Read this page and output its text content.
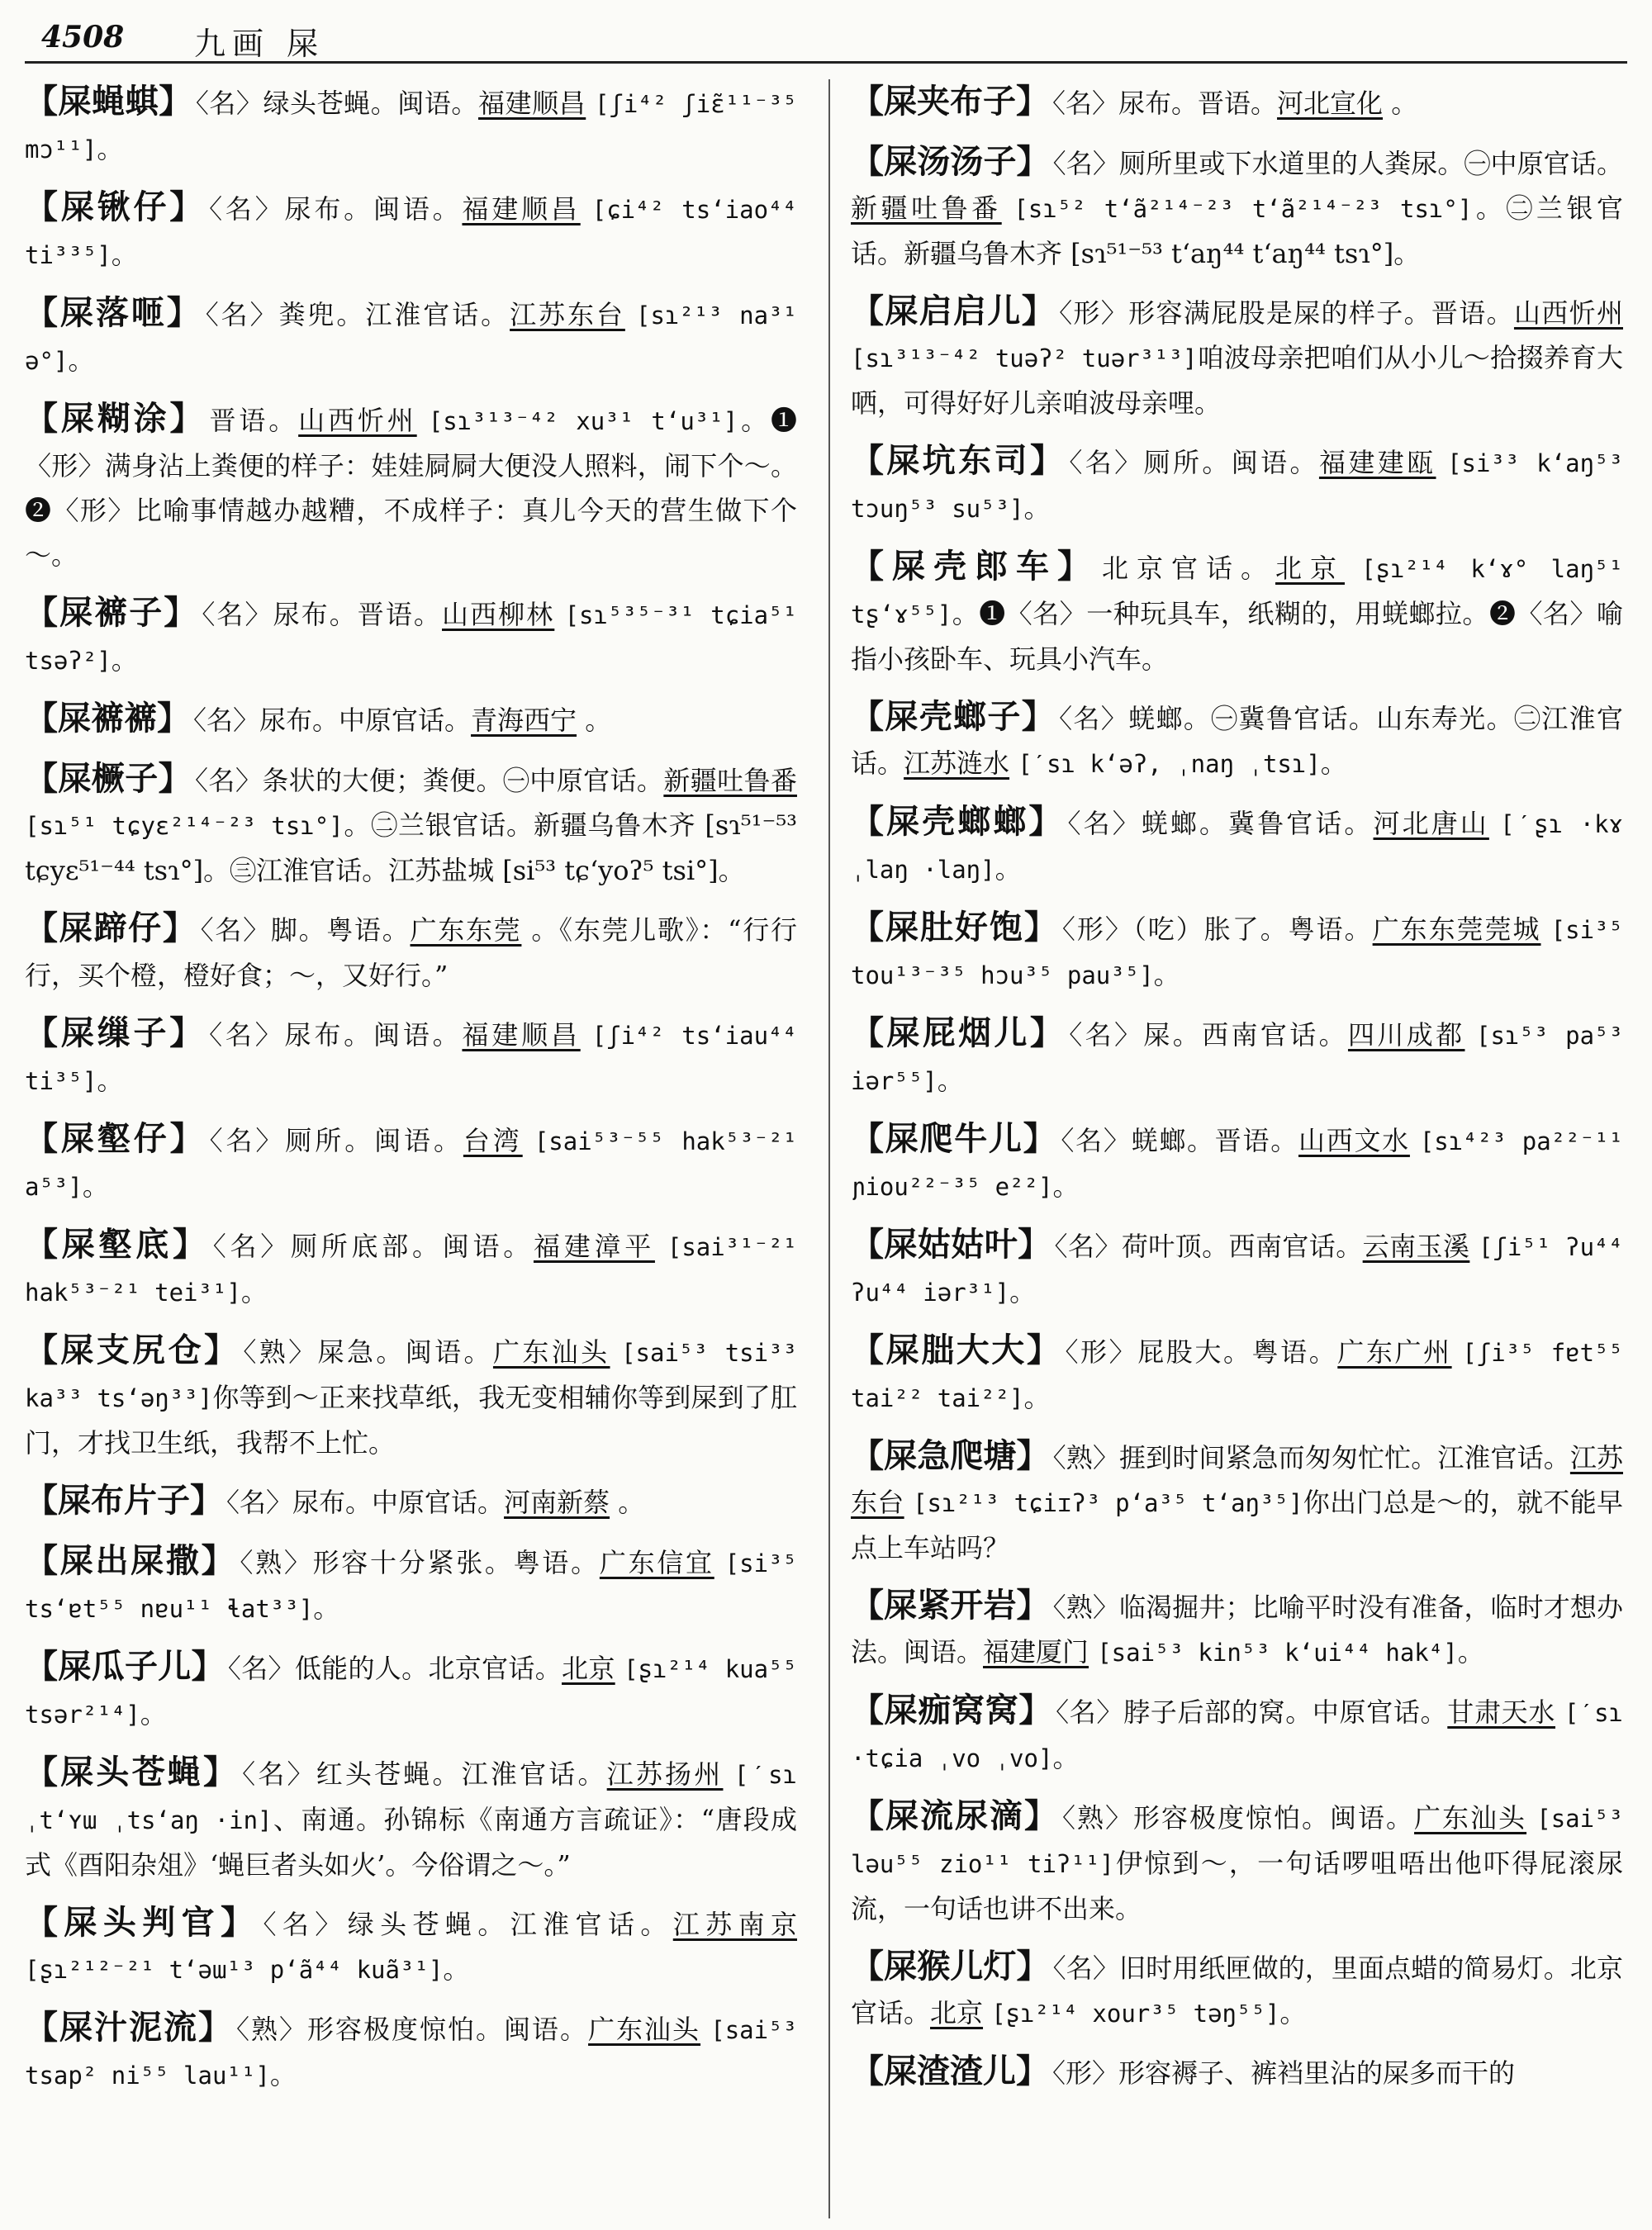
4508 九画 屎

【屎蝇蜞】 〈名〉绿头苍蝇。闽语。福建顺昌 [ʃi⁴² ʃiɛ̃¹¹⁻³⁵ mɔ¹¹]。

【屎锹仔】 〈名〉尿布。闽语。福建顺昌 [ɕi⁴² tsʻiao⁴⁴ ti³³⁵]。

【屎落咂】 〈名〉粪兜。江淮官话。江苏东台 [sɿ²¹³ na³¹ ə°]。

【屎糊涂】 晋语。山西忻州 [sɿ³¹³⁻⁴² xu³¹ tʻu³¹]。❶〈形〉满身沾上粪便的样子：娃娃屙屙大便没人照料，闹下个～。❷〈形〉比喻事情越办越糟，不成样子：真儿今天的营生做下个～。

【屎褯子】 〈名〉尿布。晋语。山西柳林 [sɿ⁵³⁵⁻³¹ tɕia⁵¹ tsəʔ²]。

【屎褯褯】 〈名〉尿布。中原官话。青海西宁 。

【屎橛子】 〈名〉条状的大便；粪便。㊀中原官话。新疆吐鲁番 [sɿ⁵¹ tɕyɛ²¹⁴⁻²³ tsɿ°]。㊁兰银官话。新疆乌鲁木齐 [sɿ⁵¹⁻⁵³ tɕyɛ⁵¹⁻⁴⁴ tsɿ°]。㊂江淮官话。江苏盐城 [si⁵³ tɕʻyoʔ⁵ tsi°]。

【屎蹄仔】 〈名〉脚。粤语。广东东莞 。《东莞儿歌》：“行行行，买个橙，橙好食；～，又好行。”

【屎缫子】 〈名〉尿布。闽语。福建顺昌 [ʃi⁴² tsʻiau⁴⁴ ti³⁵]。

【屎壑仔】 〈名〉厕所。闽语。台湾 [sai⁵³⁻⁵⁵ hak⁵³⁻²¹ a⁵³]。

【屎壑底】 〈名〉厕所底部。闽语。福建漳平 [sai³¹⁻²¹ hak⁵³⁻²¹ tei³¹]。

【屎支尻仓】 〈熟〉屎急。闽语。广东汕头 [sai⁵³ tsi³³ ka³³ tsʻəŋ³³]你等到～正来找草纸，我无变相辅你等到屎到了肛门，才找卫生纸，我帮不上忙。

【屎布片子】 〈名〉尿布。中原官话。河南新蔡 。

【屎出屎撒】 〈熟〉形容十分紧张。粤语。广东信宜 [si³⁵ tsʻɐt⁵⁵ nɐu¹¹ ɬat³³]。

【屎瓜子儿】 〈名〉低能的人。北京官话。北京 [ʂɿ²¹⁴ kua⁵⁵ tsər²¹⁴]。

【屎头苍蝇】 〈名〉红头苍蝇。江淮官话。江苏扬州 [ˊsɿ ˌtʻʏɯ ˌtsʻaŋ ·in]、南通。孙锦标《南通方言疏证》：“唐段成式《酉阳杂俎》‘蝇巨者头如火’。今俗谓之～。”

【屎头判官】 〈名〉绿头苍蝇。江淮官话。江苏南京 [ʂɿ²¹²⁻²¹ tʻəɯ¹³ pʻã⁴⁴ kuã³¹]。

【屎汁泥流】 〈熟〉形容极度惊怕。闽语。广东汕头 [sai⁵³ tsap² ni⁵⁵ lau¹¹]。

【屎夹布子】 〈名〉尿布。晋语。河北宣化 。

【屎汤汤子】 〈名〉厕所里或下水道里的人粪尿。㊀中原官话。新疆吐鲁番 [sɿ⁵² tʻã²¹⁴⁻²³ tʻã²¹⁴⁻²³ tsɿ°]。㊁兰银官话。新疆乌鲁木齐 [sɿ⁵¹⁻⁵³ tʻaŋ⁴⁴ tʻaŋ⁴⁴ tsɿ°]。

【屎启启儿】 〈形〉形容满屁股是屎的样子。晋语。山西忻州 [sɿ³¹³⁻⁴² tuəʔ² tuər³¹³]咱波母亲把咱们从小儿～拾掇养育大哂，可得好好儿亲咱波母亲哩。

【屎坑东司】 〈名〉厕所。闽语。福建建瓯 [si³³ kʻaŋ⁵³ tɔuŋ⁵³ su⁵³]。

【屎壳郎车】 北京官话。北京 [ʂɿ²¹⁴ kʻɤ° laŋ⁵¹ tʂʻɤ⁵⁵]。❶〈名〉一种玩具车，纸糊的，用蜣螂拉。❷〈名〉喻指小孩卧车、玩具小汽车。

【屎壳螂子】 〈名〉蜣螂。㊀冀鲁官话。山东寿光。㊁江淮官话。江苏涟水 [ˊsɿ kʻəʔ, ˌnaŋ ˌtsɿ]。

【屎壳螂螂】 〈名〉蜣螂。冀鲁官话。河北唐山 [ˊʂɿ ·kɤ ˌlaŋ ·laŋ]。

【屎肚好饱】 〈形〉（吃）胀了。粤语。广东东莞莞城 [si³⁵ tou¹³⁻³⁵ hɔu³⁵ pau³⁵]。

【屎屁烟儿】 〈名〉屎。西南官话。四川成都 [sɿ⁵³ pa⁵³ iər⁵⁵]。

【屎爬牛儿】 〈名〉蜣螂。晋语。山西文水 [sɿ⁴²³ pa²²⁻¹¹ ɲiou²²⁻³⁵ e²²]。

【屎姑姑叶】 〈名〉荷叶顶。西南官话。云南玉溪 [ʃi⁵¹ ʔu⁴⁴ ʔu⁴⁴ iər³¹]。

【屎朏大大】 〈形〉屁股大。粤语。广东广州 [ʃi³⁵ fɐt⁵⁵ tai²² tai²²]。

【屎急爬塘】 〈熟〉捱到时间紧急而匆匆忙忙。江淮官话。江苏东台 [sɿ²¹³ tɕiɪʔ³ pʻa³⁵ tʻaŋ³⁵]你出门总是～的，就不能早点上车站吗？

【屎紧开岩】 〈熟〉临渴掘井；比喻平时没有准备，临时才想办法。闽语。福建厦门 [sai⁵³ kin⁵³ kʻui⁴⁴ hak⁴]。

【屎痂窝窝】 〈名〉脖子后部的窝。中原官话。甘肃天水 [ˊsɿ ·tɕia ˌvo ˌvo]。

【屎流尿滴】 〈熟〉形容极度惊怕。闽语。广东汕头 [sai⁵³ ləu⁵⁵ zio¹¹ tiʔ¹¹]伊惊到～，一句话啰咀唔出他吓得屁滚尿流，一句话也讲不出来。

【屎猴儿灯】 〈名〉旧时用纸匣做的，里面点蜡的简易灯。北京官话。北京 [ʂɿ²¹⁴ xour³⁵ təŋ⁵⁵]。

【屎渣渣儿】 〈形〉形容褥子、裤裆里沾的屎多而干的
